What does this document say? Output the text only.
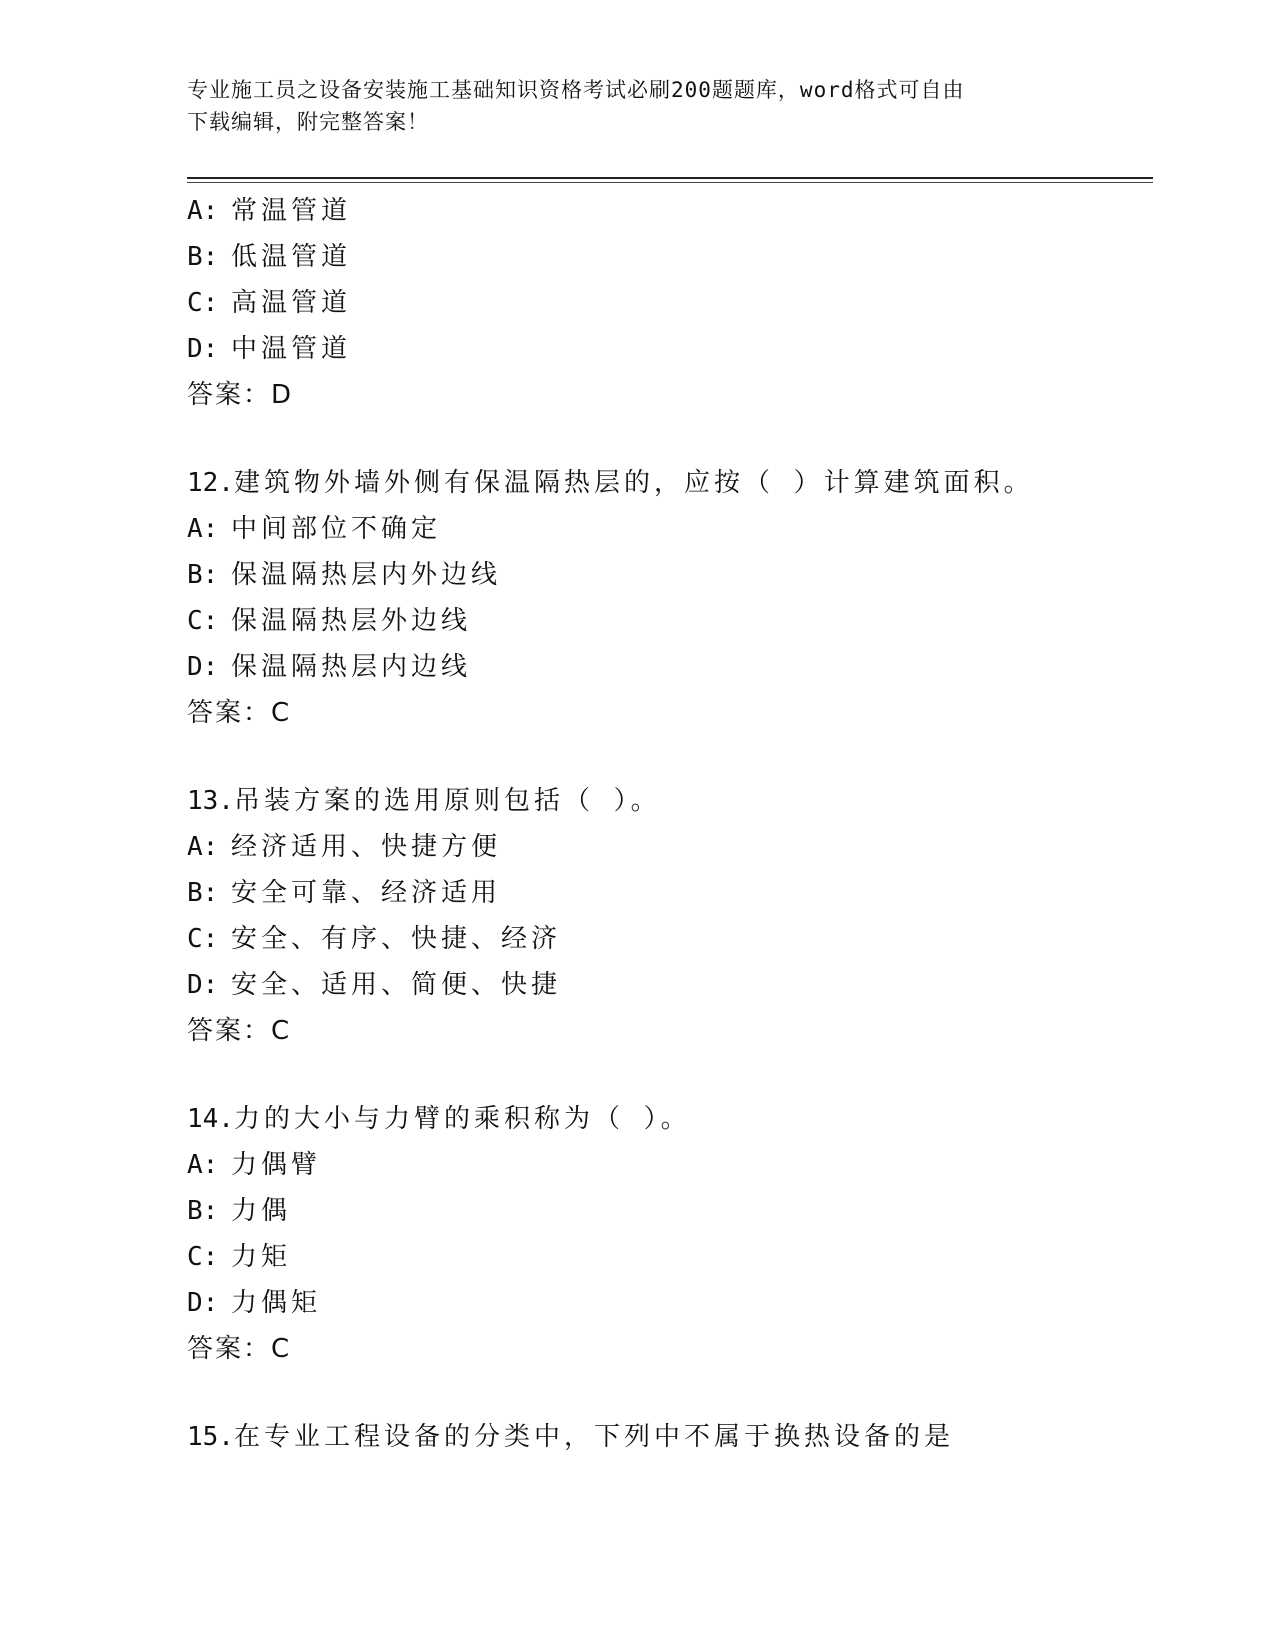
专业施工员之设备安装施工基础知识资格考试必刷200题题库，word格式可自由
下载编辑，附完整答案！
A: 常温管道
B: 低温管道
C: 高温管道
D: 中温管道
答案：D
12.建筑物外墙外侧有保温隔热层的，应按（ ）计算建筑面积。
A: 中间部位不确定
B: 保温隔热层内外边线
C: 保温隔热层外边线
D: 保温隔热层内边线
答案：C
13.吊装方案的选用原则包括（ ）。
A: 经济适用、快捷方便
B: 安全可靠、经济适用
C: 安全、有序、快捷、经济
D: 安全、适用、简便、快捷
答案：C
14.力的大小与力臂的乘积称为（ ）。
A: 力偶臂
B: 力偶
C: 力矩
D: 力偶矩
答案：C
15.在专业工程设备的分类中，下列中不属于换热设备的是
